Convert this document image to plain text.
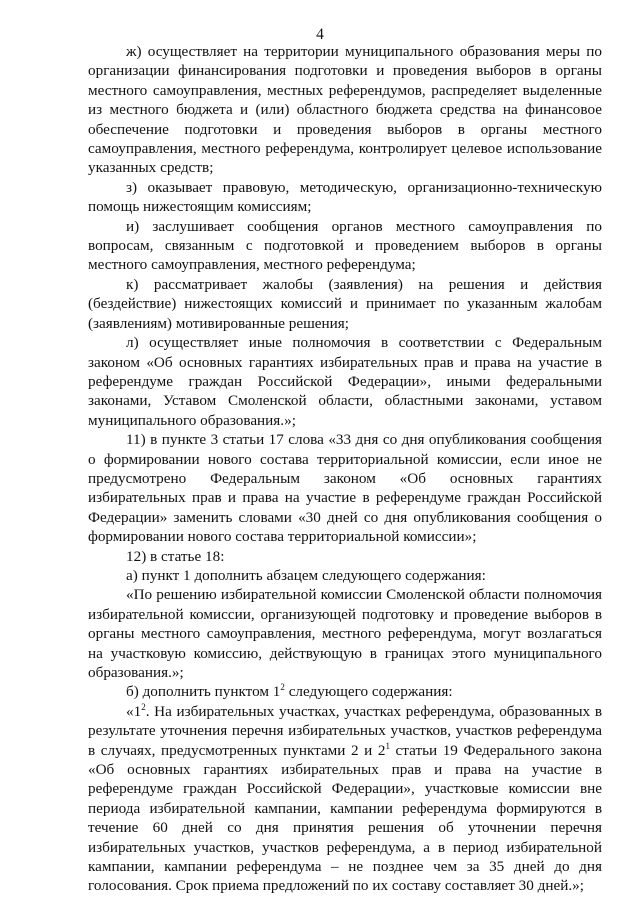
4

ж) осуществляет на территории муниципального образования меры по организации финансирования подготовки и проведения выборов в органы местного самоуправления, местных референдумов, распределяет выделенные из местного бюджета и (или) областного бюджета средства на финансовое обеспечение подготовки и проведения выборов в органы местного самоуправления, местного референдума, контролирует целевое использование указанных средств;

з) оказывает правовую, методическую, организационно-техническую помощь нижестоящим комиссиям;

и) заслушивает сообщения органов местного самоуправления по вопросам, связанным с подготовкой и проведением выборов в органы местного самоуправления, местного референдума;

к) рассматривает жалобы (заявления) на решения и действия (бездействие) нижестоящих комиссий и принимает по указанным жалобам (заявлениям) мотивированные решения;

л) осуществляет иные полномочия в соответствии с Федеральным законом «Об основных гарантиях избирательных прав и права на участие в референдуме граждан Российской Федерации», иными федеральными законами, Уставом Смоленской области, областными законами, уставом муниципального образования.»;

11) в пункте 3 статьи 17 слова «33 дня со дня опубликования сообщения о формировании нового состава территориальной комиссии, если иное не предусмотрено Федеральным законом «Об основных гарантиях избирательных прав и права на участие в референдуме граждан Российской Федерации» заменить словами «30 дней со дня опубликования сообщения о формировании нового состава территориальной комиссии»;

12) в статье 18:

а) пункт 1 дополнить абзацем следующего содержания:

«По решению избирательной комиссии Смоленской области полномочия избирательной комиссии, организующей подготовку и проведение выборов в органы местного самоуправления, местного референдума, могут возлагаться на участковую комиссию, действующую в границах этого муниципального образования.»;

б) дополнить пунктом $1^2$ следующего содержания:

«$1^2$. На избирательных участках, участках референдума, образованных в результате уточнения перечня избирательных участков, участков референдума в случаях, предусмотренных пунктами 2 и $2^1$ статьи 19 Федерального закона «Об основных гарантиях избирательных прав и права на участие в референдуме граждан Российской Федерации», участковые комиссии вне периода избирательной кампании, кампании референдума формируются в течение 60 дней со дня принятия решения об уточнении перечня избирательных участков, участков референдума, а в период избирательной кампании, кампании референдума – не позднее чем за 35 дней до дня голосования. Срок приема предложений по их составу составляет 30 дней.»;
